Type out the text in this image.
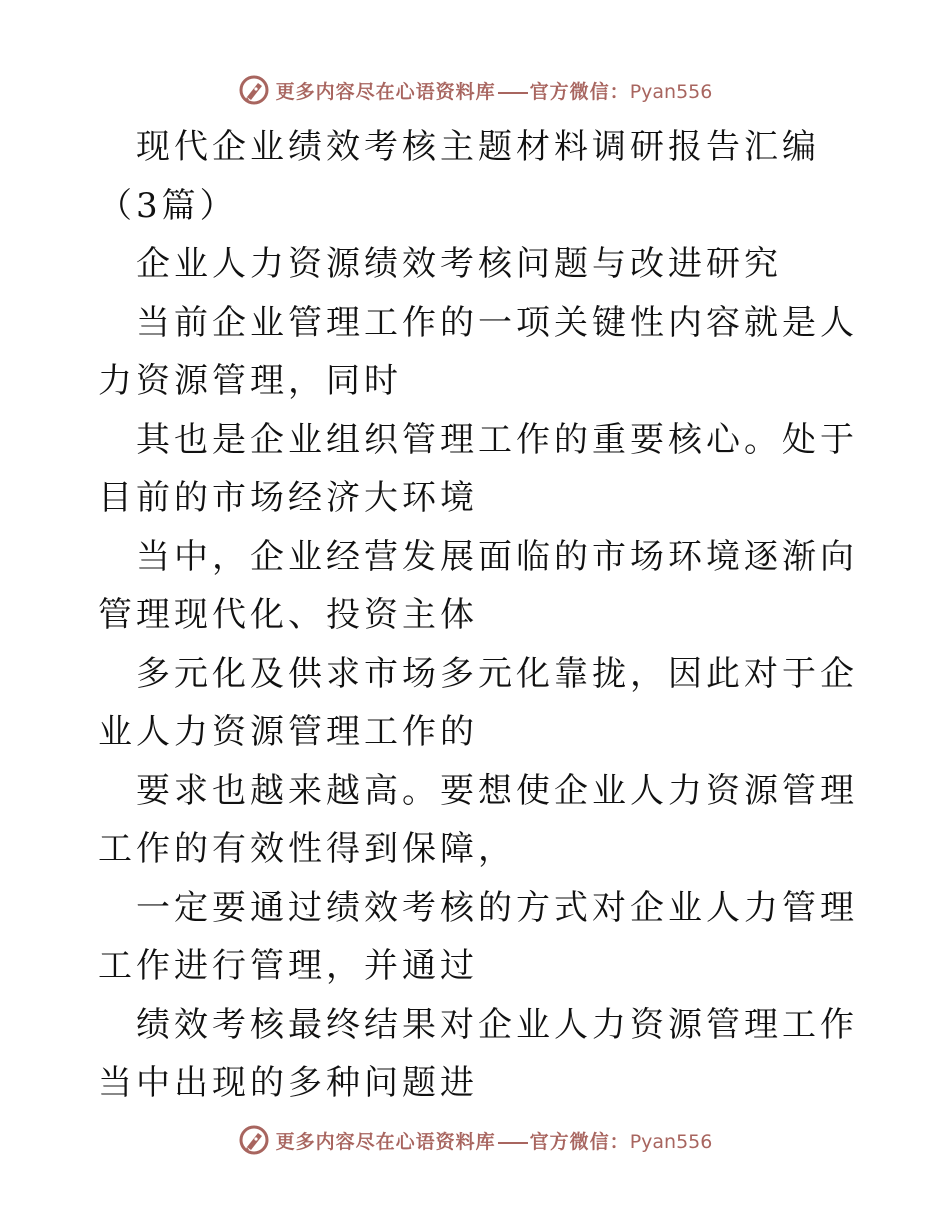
更多内容尽在心语资料库 官方微信：Pyan556

现代企业绩效考核主题材料调研报告汇编（3篇）

企业人力资源绩效考核问题与改进研究

当前企业管理工作的一项关键性内容就是人力资源管理，同时

其也是企业组织管理工作的重要核心。处于目前的市场经济大环境

当中，企业经营发展面临的市场环境逐渐向管理现代化、投资主体

多元化及供求市场多元化靠拢，因此对于企业人力资源管理工作的

要求也越来越高。要想使企业人力资源管理工作的有效性得到保障，

一定要通过绩效考核的方式对企业人力管理工作进行管理，并通过

绩效考核最终结果对企业人力资源管理工作当中出现的多种问题进

更多内容尽在心语资料库 官方微信：Pyan556
